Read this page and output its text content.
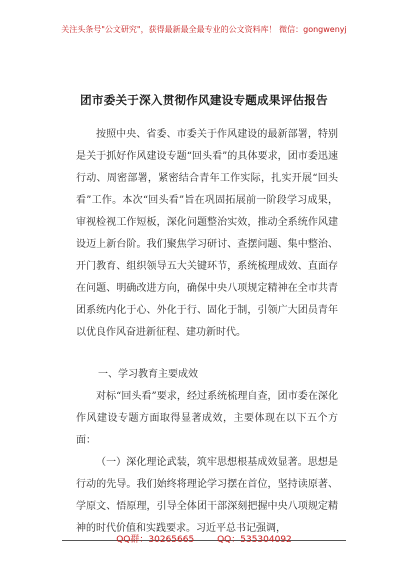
关注头条号"公文研究"，获得最新最全最专业的公文资料库！ 微信：gongwenyj
团市委关于深入贯彻作风建设专题成果评估报告
按照中央、省委、市委关于作风建设的最新部署，特别是关于抓好作风建设专题“回头看”的具体要求，团市委迅速行动、周密部署，紧密结合青年工作实际，扎实开展“回头看”工作。本次“回头看”旨在巩固拓展前一阶段学习成果，审视检视工作短板，深化问题整治实效，推动全系统作风建设迈上新台阶。我们聚焦学习研讨、查摆问题、集中整治、开门教育、组织领导五大关键环节，系统梳理成效、直面存在问题、明确改进方向，确保中央八项规定精神在全市共青团系统内化于心、外化于行、固化于制，引领广大团员青年以优良作风奋进新征程、建功新时代。
一、学习教育主要成效
对标“回头看”要求，经过系统梳理自查，团市委在深化作风建设专题方面取得显著成效，主要体现在以下五个方面：
（一）深化理论武装，筑牢思想根基成效显著。思想是行动的先导。我们始终将理论学习摆在首位，坚持读原著、学原文、悟原理，引导全体团干部深刻把握中央八项规定精神的时代价值和实践要求。习近平总书记强调，
QQ群：30265665	QQ：535304092
